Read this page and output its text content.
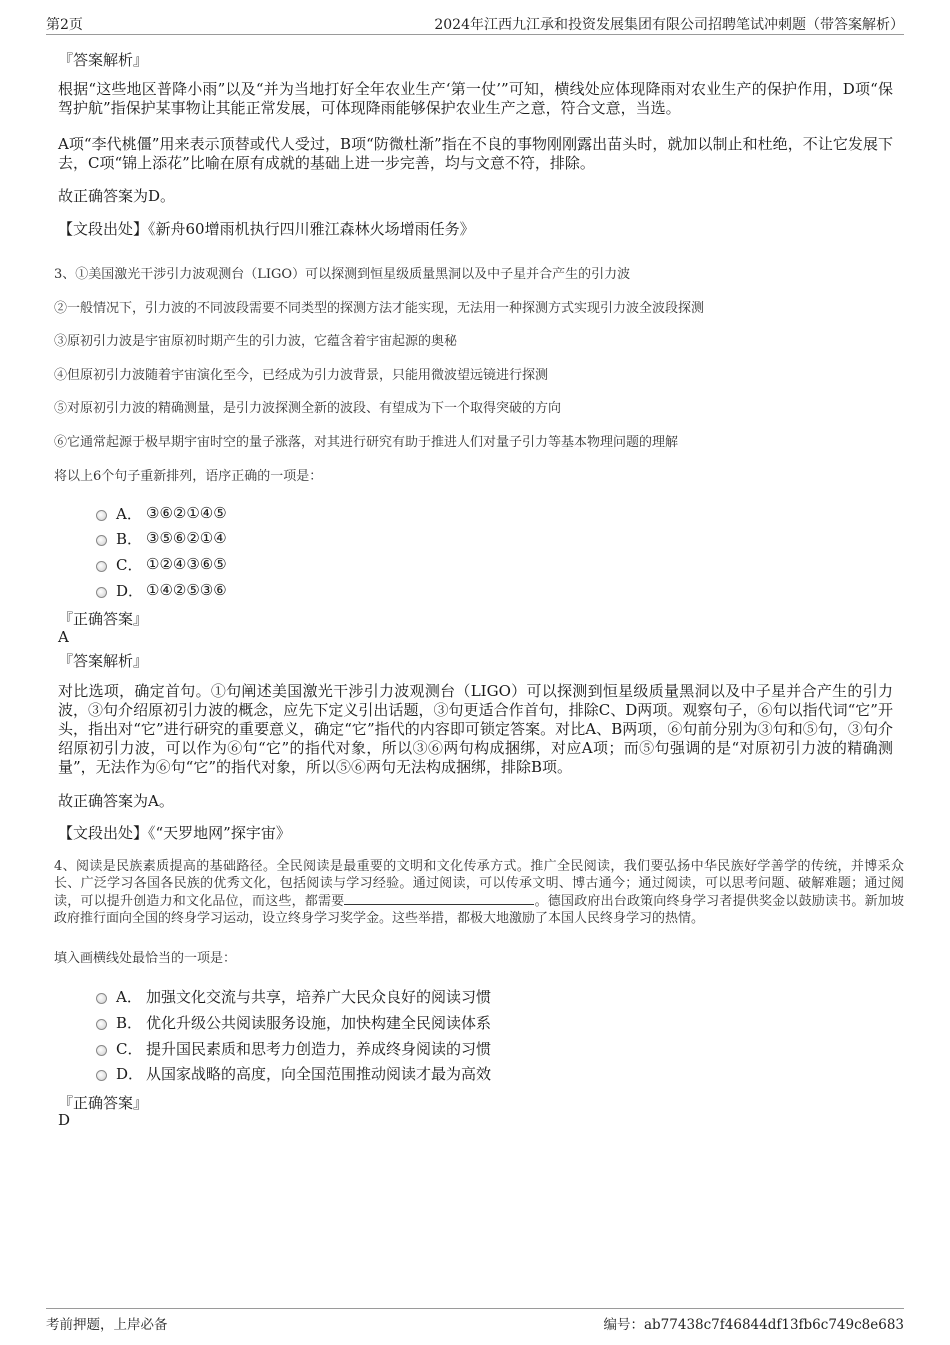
第2页	2024年江西九江承和投资发展集团有限公司招聘笔试冲刺题（带答案解析）
『答案解析』
根据“这些地区普降小雨”以及“并为当地打好全年农业生产‘第一仗’”可知，横线处应体现降雨对农业生产的保护作用，D项“保驾护航”指保护某事物让其能正常发展，可体现降雨能够保护农业生产之意，符合文意，当选。
A项“李代桃僵”用来表示顶替或代人受过，B项“防微杜渐”指在不良的事物刚刚露出苗头时，就加以制止和杜绝，不让它发展下去，C项“锦上添花”比喻在原有成就的基础上进一步完善，均与文意不符，排除。
故正确答案为D。
【文段出处】《新舟60增雨机执行四川雅江森林火场增雨任务》
3、①美国激光干涉引力波观测台（LIGO）可以探测到恒星级质量黑洞以及中子星并合产生的引力波
②一般情况下，引力波的不同波段需要不同类型的探测方法才能实现，无法用一种探测方式实现引力波全波段探测
③原初引力波是宇宙原初时期产生的引力波，它蕴含着宇宙起源的奥秘
④但原初引力波随着宇宙演化至今，已经成为引力波背景，只能用微波望远镜进行探测
⑤对原初引力波的精确测量，是引力波探测全新的波段、有望成为下一个取得突破的方向
⑥它通常起源于极早期宇宙时空的量子涨落，对其进行研究有助于推进人们对量子引力等基本物理问题的理解
将以上6个句子重新排列，语序正确的一项是：
A． ③⑥②①④⑤
B． ③⑤⑥②①④
C． ①②④③⑥⑤
D． ①④②⑤③⑥
『正确答案』
A
『答案解析』
对比选项，确定首句。①句阐述美国激光干涉引力波观测台（LIGO）可以探测到恒星级质量黑洞以及中子星并合产生的引力波，③句介绍原初引力波的概念，应先下定义引出话题，③句更适合作首句，排除C、D两项。观察句子，⑥句以指代词“它”开头，指出对“它”进行研究的重要意义，确定“它”指代的内容即可锁定答案。对比A、B两项，⑥句前分别为③句和⑤句，③句介绍原初引力波，可以作为⑥句“它”的指代对象，所以③⑥两句构成捆绑，对应A项；而⑤句强调的是“对原初引力波的精确测量”，无法作为⑥句“它”的指代对象，所以⑤⑥两句无法构成捆绑，排除B项。
故正确答案为A。
【文段出处】《“天罗地网”探宇宙》
4、阅读是民族素质提高的基础路径。全民阅读是最重要的文明和文化传承方式。推广全民阅读，我们要弘扬中华民族好学善学的传统，并博采众长、广泛学习各国各民族的优秀文化，包括阅读与学习经验。通过阅读，可以传承文明、博古通今；通过阅读，可以思考问题、破解难题；通过阅读，可以提升创造力和文化品位，而这些，都需要	。德国政府出台政策向终身学习者提供奖金以鼓励读书。新加坡政府推行面向全国的终身学习运动，设立终身学习奖学金。这些举措，都极大地激励了本国人民终身学习的热情。
填入画横线处最恰当的一项是：
A． 加强文化交流与共享，培养广大民众良好的阅读习惯
B． 优化升级公共阅读服务设施，加快构建全民阅读体系
C． 提升国民素质和思考力创造力，养成终身阅读的习惯
D． 从国家战略的高度，向全国范围推动阅读才最为高效
『正确答案』
D
考前押题，上岸必备	编号：ab77438c7f46844df13fb6c749c8e683
